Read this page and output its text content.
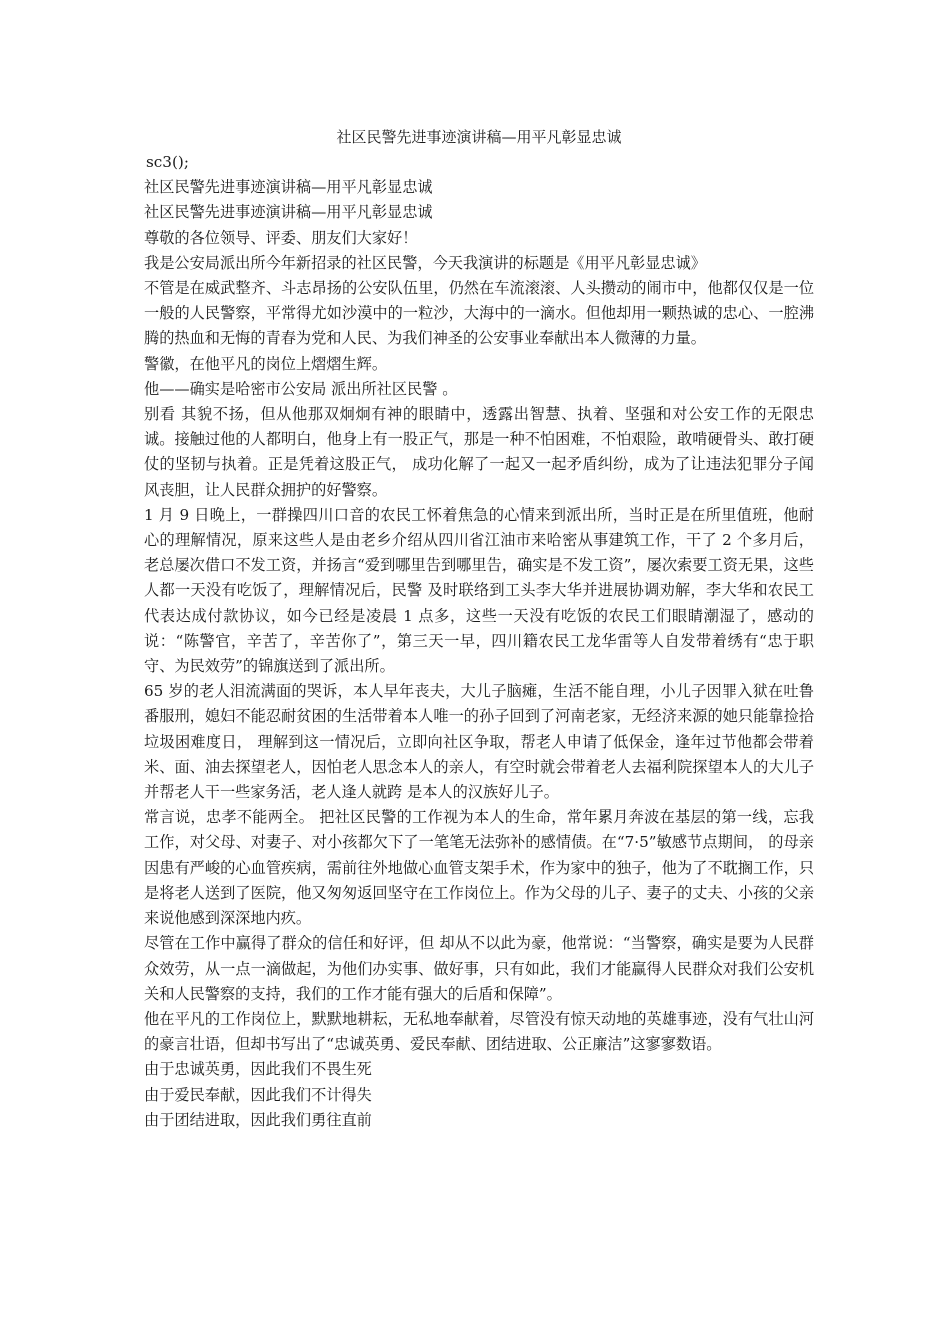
社区民警先进事迹演讲稿—用平凡彰显忠诚

sc3();

社区民警先进事迹演讲稿—用平凡彰显忠诚

社区民警先进事迹演讲稿—用平凡彰显忠诚

尊敬的各位领导、评委、朋友们大家好！

我是公安局派出所今年新招录的社区民警，今天我演讲的标题是《用平凡彰显忠诚》

不管是在威武整齐、斗志昂扬的公安队伍里，仍然在车流滚滚、人头攒动的闹市中，他都仅仅是一位一般的人民警察，平常得尤如沙漠中的一粒沙，大海中的一滴水。但他却用一颗热诚的忠心、一腔沸腾的热血和无悔的青春为党和人民、为我们神圣的公安事业奉献出本人微薄的力量。

警徽，在他平凡的岗位上熠熠生辉。

他——确实是哈密市公安局 派出所社区民警 。

别看 其貌不扬，但从他那双炯炯有神的眼睛中，透露出智慧、执着、坚强和对公安工作的无限忠诚。接触过他的人都明白，他身上有一股正气，那是一种不怕困难，不怕艰险，敢啃硬骨头、敢打硬仗的坚韧与执着。正是凭着这股正气， 成功化解了一起又一起矛盾纠纷，成为了让违法犯罪分子闻风丧胆，让人民群众拥护的好警察。

1 月 9 日晚上，一群操四川口音的农民工怀着焦急的心情来到派出所，当时正是在所里值班，他耐心的理解情况，原来这些人是由老乡介绍从四川省江油市来哈密从事建筑工作，干了 2 个多月后，老总屡次借口不发工资，并扬言“爱到哪里告到哪里告，确实是不发工资”，屡次索要工资无果，这些人都一天没有吃饭了，理解情况后，民警 及时联络到工头李大华并进展协调劝解，李大华和农民工代表达成付款协议，如今已经是凌晨 1 点多，这些一天没有吃饭的农民工们眼睛潮湿了，感动的说：“陈警官，辛苦了，辛苦你了”，第三天一早，四川籍农民工龙华雷等人自发带着绣有“忠于职守、为民效劳”的锦旗送到了派出所。

65 岁的老人泪流满面的哭诉，本人早年丧夫，大儿子脑瘫，生活不能自理，小儿子因罪入狱在吐鲁番服刑，媳妇不能忍耐贫困的生活带着本人唯一的孙子回到了河南老家，无经济来源的她只能靠捡拾垃圾困难度日， 理解到这一情况后，立即向社区争取，帮老人申请了低保金，逢年过节他都会带着米、面、油去探望老人，因怕老人思念本人的亲人，有空时就会带着老人去福利院探望本人的大儿子并帮老人干一些家务活，老人逢人就跨 是本人的汉族好儿子。

常言说，忠孝不能两全。 把社区民警的工作视为本人的生命，常年累月奔波在基层的第一线，忘我工作，对父母、对妻子、对小孩都欠下了一笔笔无法弥补的感情债。在“7·5”敏感节点期间， 的母亲因患有严峻的心血管疾病，需前往外地做心血管支架手术，作为家中的独子，他为了不耽搁工作，只是将老人送到了医院，他又匆匆返回坚守在工作岗位上。作为父母的儿子、妻子的丈夫、小孩的父亲来说他感到深深地内疚。

尽管在工作中赢得了群众的信任和好评，但 却从不以此为豪，他常说：“当警察，确实是要为人民群众效劳，从一点一滴做起，为他们办实事、做好事，只有如此，我们才能赢得人民群众对我们公安机关和人民警察的支持，我们的工作才能有强大的后盾和保障”。

他在平凡的工作岗位上，默默地耕耘，无私地奉献着，尽管没有惊天动地的英雄事迹，没有气壮山河的豪言壮语，但却书写出了“忠诚英勇、爱民奉献、团结进取、公正廉洁”这寥寥数语。

由于忠诚英勇，因此我们不畏生死

由于爱民奉献，因此我们不计得失

由于团结进取，因此我们勇往直前
